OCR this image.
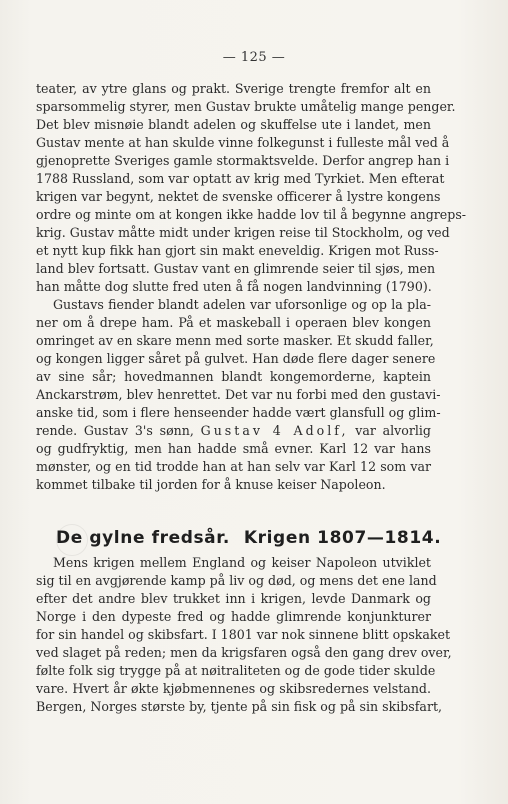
— 125 —
teater, av ytre glans og prakt. Sverige trengte fremfor alt en
sparsommelig styrer, men Gustav brukte umåtelig mange penger.
Det blev misnøie blandt adelen og skuffelse ute i landet, men
Gustav mente at han skulde vinne folkegunst i fulleste mål ved å
gjenoprette Sveriges gamle stormaktsvelde. Derfor angrep han i
1788 Russland, som var optatt av krig med Tyrkiet. Men efterat
krigen var begynt, nektet de svenske officerer å lystre kongens
ordre og minte om at kongen ikke hadde lov til å begynne angreps-
krig. Gustav måtte midt under krigen reise til Stockholm, og ved
et nytt kup fikk han gjort sin makt eneveldig. Krigen mot Russ-
land blev fortsatt. Gustav vant en glimrende seier til sjøs, men
han måtte dog slutte fred uten å få nogen landvinning (1790).
Gustavs fiender blandt adelen var uforsonlige og op la pla-
ner om å drepe ham. På et maskeball i operaen blev kongen
omringet av en skare menn med sorte masker. Et skudd faller,
og kongen ligger såret på gulvet. Han døde flere dager senere
av sine sår; hovedmannen blandt kongemorderne, kaptein
Anckarstrøm, blev henrettet. Det var nu forbi med den gustavi-
anske tid, som i flere henseender hadde vært glansfull og glim-
rende. Gustav 3's sønn, Gustav 4 Adolf, var alvorlig
og gudfryktig, men han hadde små evner. Karl 12 var hans
mønster, og en tid trodde han at han selv var Karl 12 som var
kommet tilbake til jorden for å knuse keiser Napoleon.
De gylne fredsår. Krigen 1807—1814.
Mens krigen mellem England og keiser Napoleon utviklet
sig til en avgjørende kamp på liv og død, og mens det ene land
efter det andre blev trukket inn i krigen, levde Danmark og
Norge i den dypeste fred og hadde glimrende konjunkturer
for sin handel og skibsfart. I 1801 var nok sinnene blitt opskaket
ved slaget på reden; men da krigsfaren også den gang drev over,
følte folk sig trygge på at nøitraliteten og de gode tider skulde
vare. Hvert år økte kjøbmennenes og skibsredernes velstand.
Bergen, Norges største by, tjente på sin fisk og på sin skibsfart,
